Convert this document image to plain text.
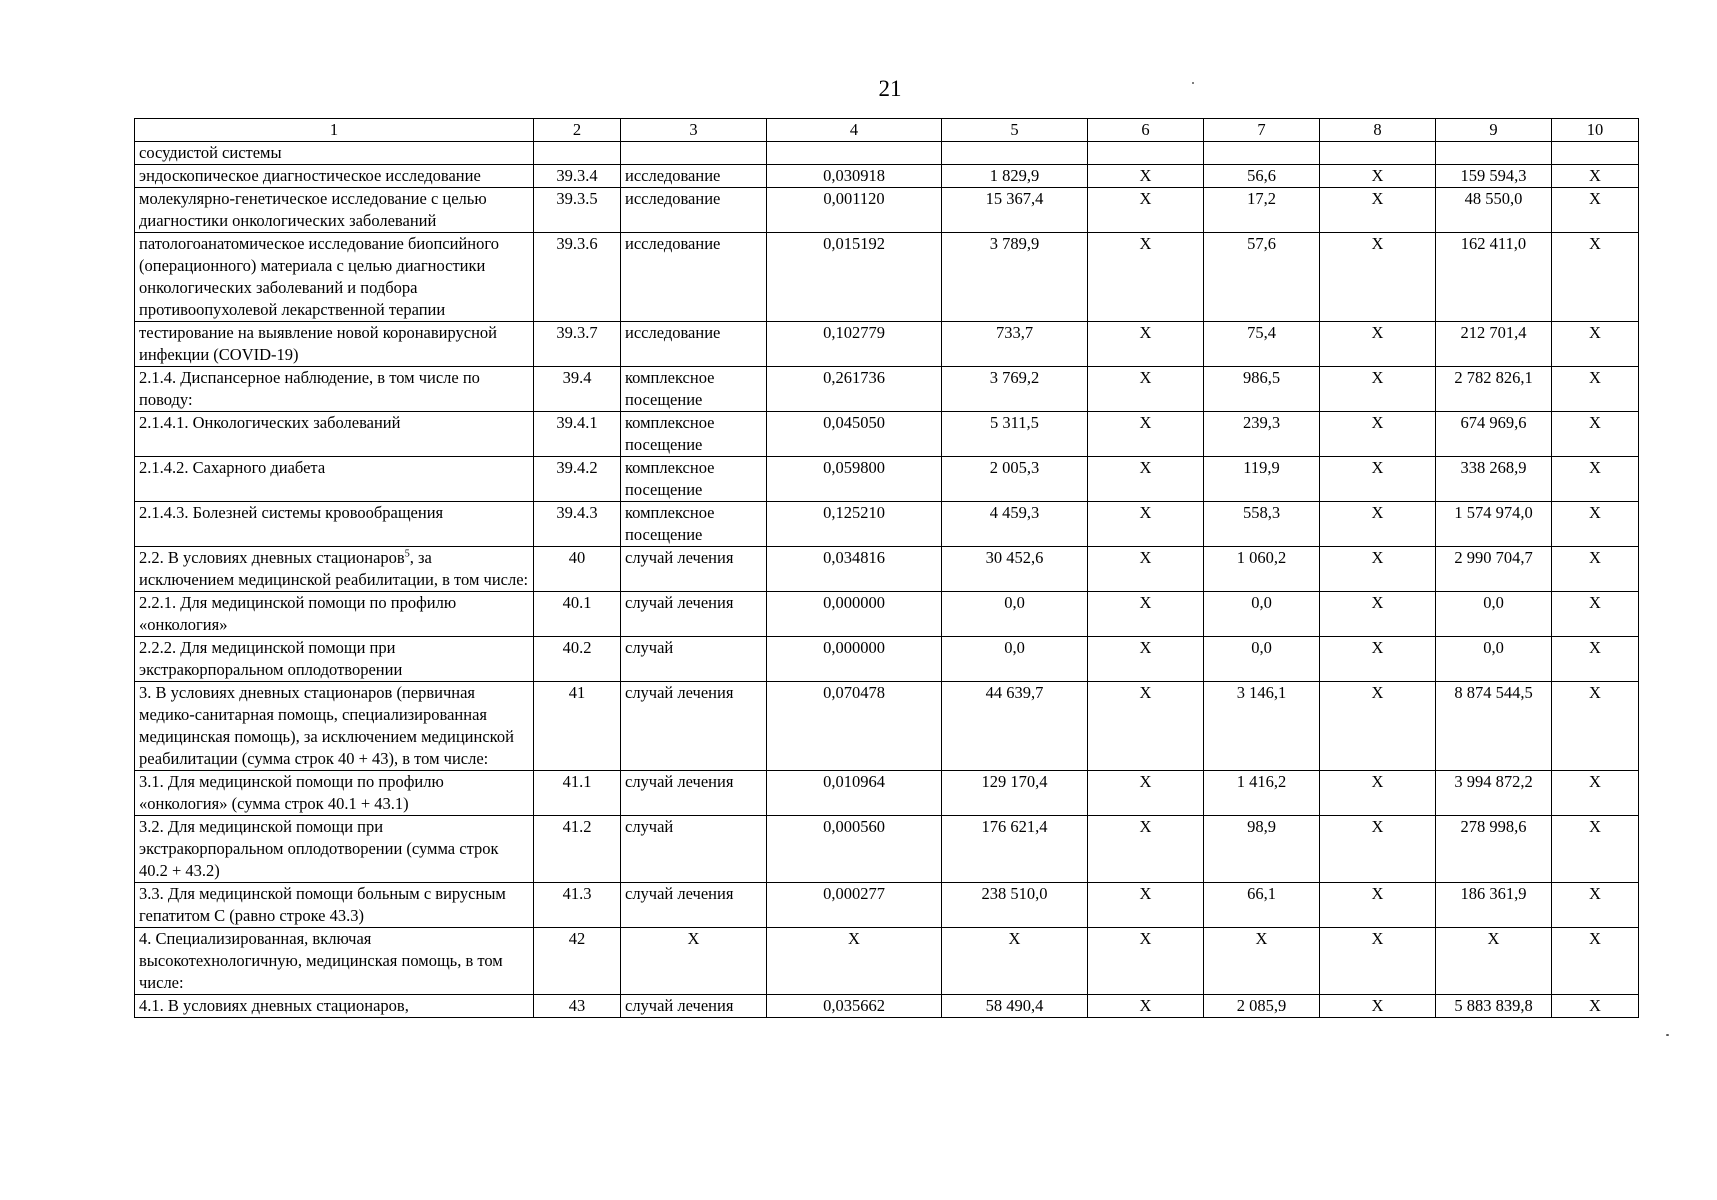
21
1	2	3	4	5	6	7	8	9	10
сосудистой системы									
эндоскопическое диагностическое исследование	39.3.4	исследование	0,030918	1 829,9	X	56,6	X	159 594,3	X
молекулярно-генетическое исследование с целью диагностики онкологических заболеваний	39.3.5	исследование	0,001120	15 367,4	X	17,2	X	48 550,0	X
патологоанатомическое исследование биопсийного (операционного) материала с целью диагностики онкологических заболеваний и подбора противоопухолевой лекарственной терапии	39.3.6	исследование	0,015192	3 789,9	X	57,6	X	162 411,0	X
тестирование на выявление новой коронавирусной инфекции (COVID-19)	39.3.7	исследование	0,102779	733,7	X	75,4	X	212 701,4	X
2.1.4. Диспансерное наблюдение, в том числе по поводу:	39.4	комплексное посещение	0,261736	3 769,2	X	986,5	X	2 782 826,1	X
2.1.4.1. Онкологических заболеваний	39.4.1	комплексное посещение	0,045050	5 311,5	X	239,3	X	674 969,6	X
2.1.4.2. Сахарного диабета	39.4.2	комплексное посещение	0,059800	2 005,3	X	119,9	X	338 268,9	X
2.1.4.3. Болезней системы кровообращения	39.4.3	комплексное посещение	0,125210	4 459,3	X	558,3	X	1 574 974,0	X
2.2. В условиях дневных стационаров$^5$, за исключением медицинской реабилитации, в том числе:	40	случай лечения	0,034816	30 452,6	X	1 060,2	X	2 990 704,7	X
2.2.1. Для медицинской помощи по профилю «онкология»	40.1	случай лечения	0,000000	0,0	X	0,0	X	0,0	X
2.2.2. Для медицинской помощи при экстракорпоральном оплодотворении	40.2	случай	0,000000	0,0	X	0,0	X	0,0	X
3. В условиях дневных стационаров (первичная медико-санитарная помощь, специализированная медицинская помощь), за исключением медицинской реабилитации (сумма строк 40 + 43), в том числе:	41	случай лечения	0,070478	44 639,7	X	3 146,1	X	8 874 544,5	X
3.1. Для медицинской помощи по профилю «онкология» (сумма строк 40.1 + 43.1)	41.1	случай лечения	0,010964	129 170,4	X	1 416,2	X	3 994 872,2	X
3.2. Для медицинской помощи при экстракорпоральном оплодотворении (сумма строк 40.2 + 43.2)	41.2	случай	0,000560	176 621,4	X	98,9	X	278 998,6	X
3.3. Для медицинской помощи больным с вирусным гепатитом С (равно строке 43.3)	41.3	случай лечения	0,000277	238 510,0	X	66,1	X	186 361,9	X
4. Специализированная, включая высокотехнологичную, медицинская помощь, в том числе:	42	X	X	X	X	X	X	X	X
4.1. В условиях дневных стационаров,	43	случай лечения	0,035662	58 490,4	X	2 085,9	X	5 883 839,8	X
